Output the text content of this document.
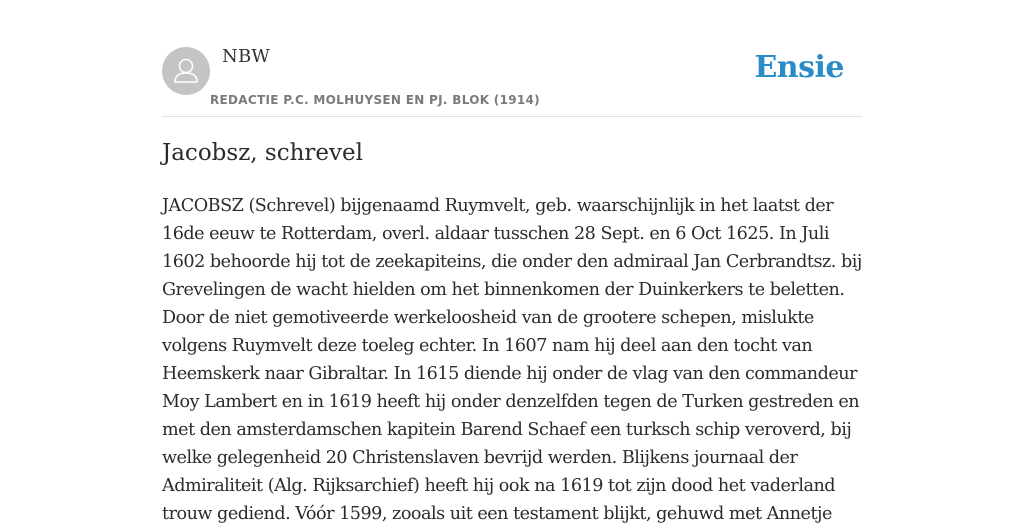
NBW
REDACTIE P.C. MOLHUYSEN EN PJ. BLOK (1914)
Ensie
Jacobsz, schrevel

JACOBSZ (Schrevel) bijgenaamd Ruymvelt, geb. waarschijnlijk in het laatst der 16de eeuw te Rotterdam, overl. aldaar tusschen 28 Sept. en 6 Oct 1625. In Juli 1602 behoorde hij tot de zeekapiteins, die onder den admiraal Jan Cerbrandtsz. bij Grevelingen de wacht hielden om het binnenkomen der Duinkerkers te beletten. Door de niet gemotiveerde werkeloosheid van de grootere schepen, mislukte volgens Ruymvelt deze toeleg echter. In 1607 nam hij deel aan den tocht van Heemskerk naar Gibraltar. In 1615 diende hij onder de vlag van den commandeur Moy Lambert en in 1619 heeft hij onder denzelfden tegen de Turken gestreden en met den amsterdamschen kapitein Barend Schaef een turksch schip veroverd, bij welke gelegenheid 20 Christenslaven bevrijd werden. Blijkens journaal der Admiraliteit (Alg. Rijksarchief) heeft hij ook na 1619 tot zijn dood het vaderland trouw gediend. Vóór 1599, zooals uit een testament blijkt, gehuwd met Annetje
